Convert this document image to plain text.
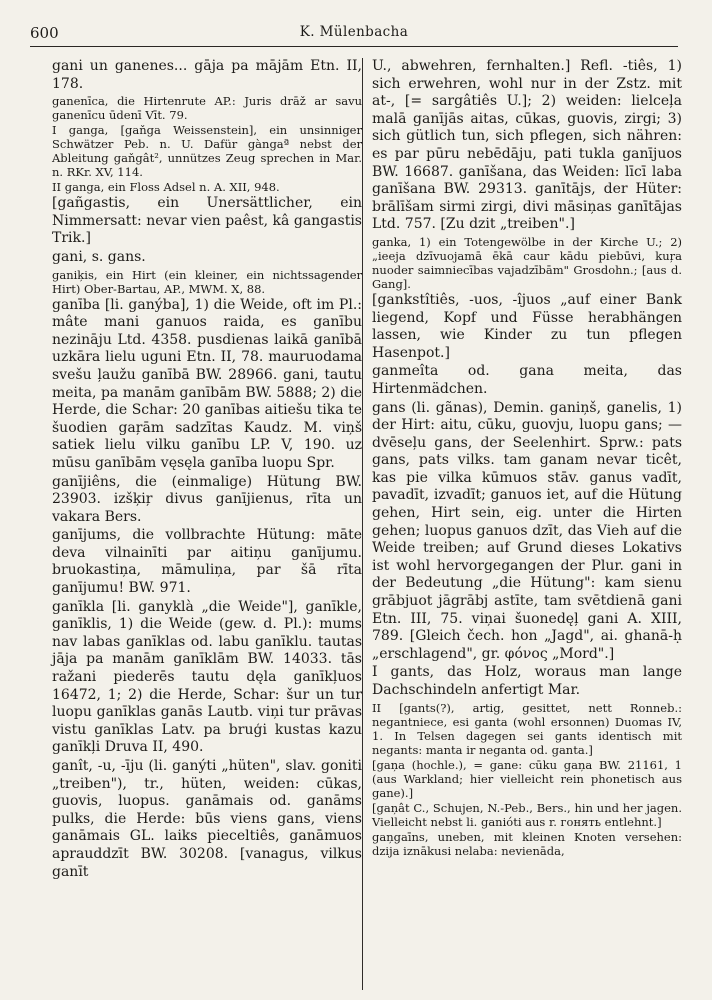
600	K. Mülenbacha

gani un ganenes... gāja pa mājām Etn. II, 178.

ganenīca, die Hirtenrute AP.: Juris drāž ar savu ganenīcu ūdenī Vīt. 79.

I ganga, [gaňga Weissenstein], ein unsinniger Schwätzer Peb. n. U. Dafür gàngaª nebst der Ableitung gaňgât², unnützes Zeug sprechen in Mar. n. RKr. XV, 114.

II ganga, ein Floss Adsel n. A. XII, 948.

[gañgastis, ein Unersättlicher, ein Nimmersatt: nevar vien paêst, kâ gangastis Trik.]

gani, s. gans.

ganiķis, ein Hirt (ein kleiner, ein nichtssagender Hirt) Ober-Bartau, AP., MWM. X, 88.

ganība [li. ganýba], 1) die Weide, oft im Pl.: mâte mani ganuos raida, es ganību nezināju Ltd. 4358. pusdienas laikā ganībā uzkāra lielu uguni Etn. II, 78. mauruodama svešu ļaužu ganībā BW. 28966. gani, tautu meita, pa manām ganībām BW. 5888; 2) die Herde, die Schar: 20 ganības aitiešu tika te šuodien gaŗām sadzītas Kaudz. M. viņš satiek lielu vilku ganību LP. V, 190. uz mūsu ganībām vęsęla ganība luopu Spr.

ganījiêns, die (einmalige) Hütung BW. 23903. izšķiŗ divus ganījienus, rīta un vakara Bers.

ganījums, die vollbrachte Hütung: māte deva vilnainīti par aitiņu ganījumu. bruokastiņa, māmuliņa, par šā rīta ganījumu! BW. 971.

ganīkla [li. ganyklà „die Weide"], ganīkle, ganīklis, 1) die Weide (gew. d. Pl.): mums nav labas ganīklas od. labu ganīklu. tautas jāja pa manām ganīklām BW. 14033. tās ražani piederēs tautu dęla ganīkļuos 16472, 1; 2) die Herde, Schar: šur un tur luopu ganīklas ganās Lautb. viņi tur prāvas vistu ganīklas Latv. pa bruģi kustas kazu ganīkļi Druva II, 490.

ganît, -u, -īju (li. ganýti „hüten", slav. goniti „treiben"), tr., hüten, weiden: cūkas, guovis, luopus. ganāmais od. ganāms pulks, die Herde: būs viens gans, viens ganāmais GL. laiks pieceltiês, ganāmuos aprauddzīt BW. 30208. [vanagus, vilkus ganīt

U., abwehren, fernhalten.] Refl. -tiês, 1) sich erwehren, wohl nur in der Zstz. mit at-, [= sargâtiês U.]; 2) weiden: lielceļa malā ganījās aitas, cūkas, guovis, zirgi; 3) sich gütlich tun, sich pflegen, sich nähren: es par pūru nebēdāju, pati tukla ganījuos BW. 16687. ganīšana, das Weiden: līcī laba ganīšana BW. 29313. ganītājs, der Hüter: brālīšam sirmi zirgi, divi māsiņas ganītājas Ltd. 757. [Zu dzit „treiben".]

ganka, 1) ein Totengewölbe in der Kirche U.; 2) „ieeja dzīvuojamā ēkā caur kādu piebūvi, kuŗa nuoder saimniecības vajadzībām" Grosdohn.; [aus d. Gang].

[gankstîtiês, -uos, -îjuos „auf einer Bank liegend, Kopf und Füsse herabhängen lassen, wie Kinder zu tun pflegen Hasenpot.]

ganmeîta od. gana meita, das Hirtenmädchen.

gans (li. gãnas), Demin. ganiņš, ganelis, 1) der Hirt: aitu, cūku, guovju, luopu gans; — dvēseļu gans, der Seelenhirt. Sprw.: pats gans, pats vilks. tam ganam nevar ticêt, kas pie vilka kūmuos stāv. ganus vadīt, pavadīt, izvadīt; ganuos iet, auf die Hütung gehen, Hirt sein, eig. unter die Hirten gehen; luopus ganuos dzīt, das Vieh auf die Weide treiben; auf Grund dieses Lokativs ist wohl hervorgegangen der Plur. gani in der Bedeutung „die Hütung": kam sienu grābjuot jāgrābj astīte, tam svētdienā gani Etn. III, 75. viņai šuonedęļ gani A. XIII, 789. [Gleich čech. hon „Jagd", ai. ghanā-ḥ „erschlagend", gr. φόνος „Mord".]

I gants, das Holz, woraus man lange Dachschindeln anfertigt Mar.

II [gants(?), artig, gesittet, nett Ronneb.: negantniece, esi ganta (wohl ersonnen) Duomas IV, 1. In Telsen dagegen sei gants identisch mit negants: manta ir neganta od. ganta.]

[gaņa (hochle.), = gane: cūku gaņa BW. 21161, 1 (aus Warkland; hier vielleicht rein phonetisch aus gane).]

[gaņât C., Schujen, N.-Peb., Bers., hin und her jagen. Vielleicht nebst li. ganióti aus r. гонять entlehnt.]

gaņgaīns, uneben, mit kleinen Knoten versehen: dzija iznākusi nelaba: nevienāda,
